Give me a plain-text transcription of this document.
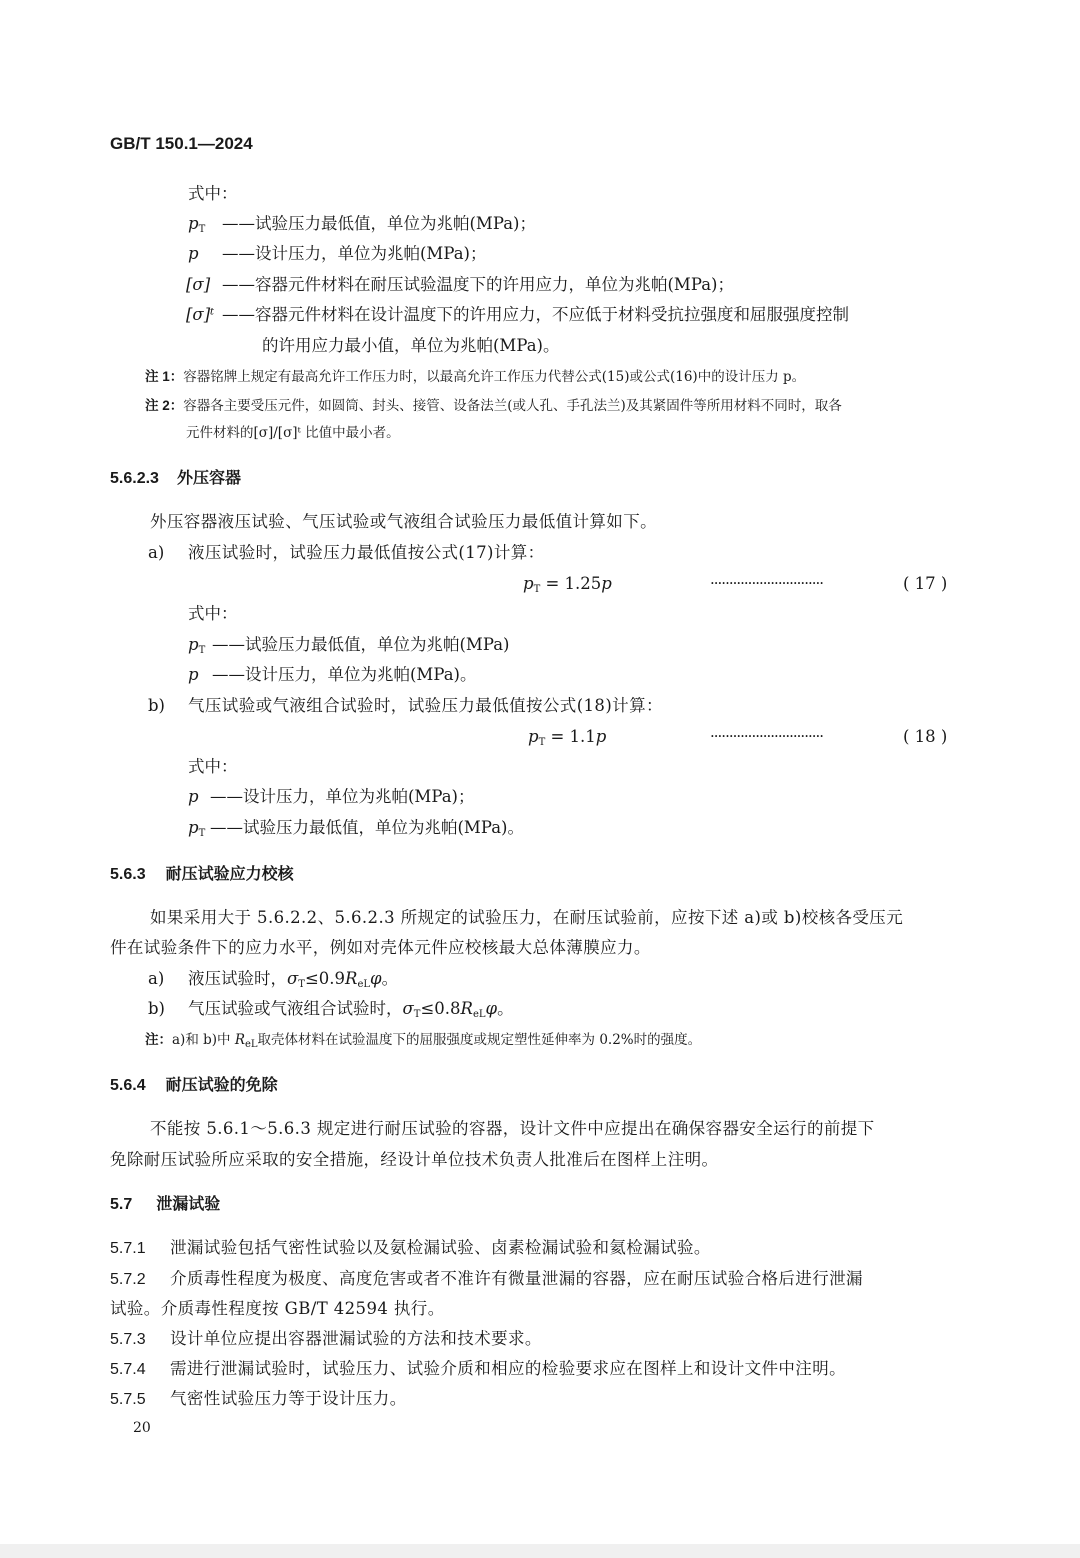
GB/T 150.1—2024
式中：
$p_T$ ——试验压力最低值，单位为兆帕(MPa)；
p ——设计压力，单位为兆帕(MPa)；
[σ] ——容器元件材料在耐压试验温度下的许用应力，单位为兆帕(MPa)；
[σ]ᵗ ——容器元件材料在设计温度下的许用应力，不应低于材料受抗拉强度和屈服强度控制
的许用应力最小值，单位为兆帕(MPa)。
注 1：容器铭牌上规定有最高允许工作压力时，以最高允许工作压力代替公式(15)或公式(16)中的设计压力 p。
注 2：容器各主要受压元件，如圆筒、封头、接管、设备法兰(或人孔、手孔法兰)及其紧固件等所用材料不同时，取各
元件材料的[σ]/[σ]ᵗ 比值中最小者。
5.6.2.3 外压容器
外压容器液压试验、气压试验或气液组合试验压力最低值计算如下。
a) 液压试验时，试验压力最低值按公式(17)计算：
$p_T = 1.25p$	······························	( 17 )
式中：
$p_T$ ——试验压力最低值，单位为兆帕(MPa)
p ——设计压力，单位为兆帕(MPa)。
b) 气压试验或气液组合试验时，试验压力最低值按公式(18)计算：
$p_T = 1.1p$	······························	( 18 )
式中：
p ——设计压力，单位为兆帕(MPa)；
$p_T$ ——试验压力最低值，单位为兆帕(MPa)。
5.6.3 耐压试验应力校核
如果采用大于 5.6.2.2、5.6.2.3 所规定的试验压力，在耐压试验前，应按下述 a)或 b)校核各受压元
件在试验条件下的应力水平，例如对壳体元件应校核最大总体薄膜应力。
a) 液压试验时，$\sigma_T\le 0.9R_{eL}\varphi$。
b) 气压试验或气液组合试验时，$\sigma_T\le 0.8R_{eL}\varphi$。
注：a)和 b)中 $R_{eL}$取壳体材料在试验温度下的屈服强度或规定塑性延伸率为 0.2%时的强度。
5.6.4 耐压试验的免除
不能按 5.6.1～5.6.3 规定进行耐压试验的容器，设计文件中应提出在确保容器安全运行的前提下
免除耐压试验所应采取的安全措施，经设计单位技术负责人批准后在图样上注明。
5.7 泄漏试验
5.7.1 泄漏试验包括气密性试验以及氨检漏试验、卤素检漏试验和氦检漏试验。
5.7.2 介质毒性程度为极度、高度危害或者不准许有微量泄漏的容器，应在耐压试验合格后进行泄漏
试验。介质毒性程度按 GB/T 42594 执行。
5.7.3 设计单位应提出容器泄漏试验的方法和技术要求。
5.7.4 需进行泄漏试验时，试验压力、试验介质和相应的检验要求应在图样上和设计文件中注明。
5.7.5 气密性试验压力等于设计压力。
20
